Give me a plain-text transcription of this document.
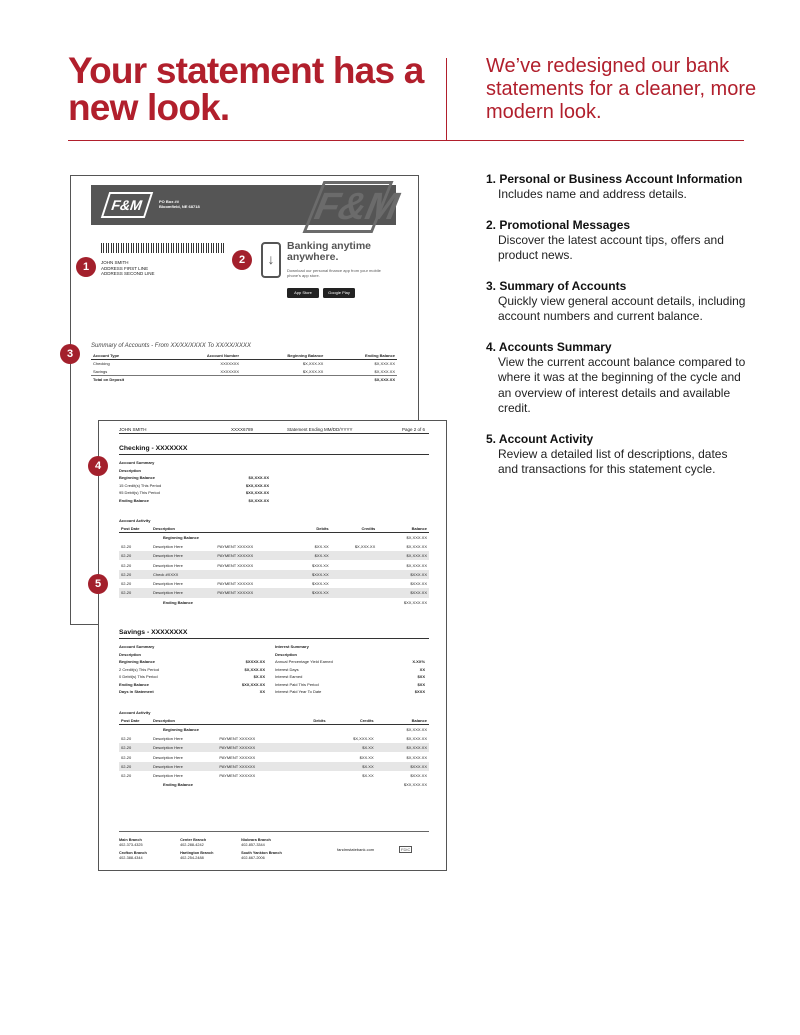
Your statement has a new look.
We’ve redesigned our bank statements for a cleaner, more modern look.
1. Personal or Business Account Information
Includes name and address details.
2. Promotional Messages
Discover the latest account tips, offers and product news.
3. Summary of Accounts
Quickly view general account details, including account numbers and current balance.
4. Accounts Summary
View the current account balance compared to where it was at the beginning of the cycle and an overview of interest details and available credit.
5. Account Activity
Review a detailed list of descriptions, dates and transactions for this statement cycle.
F&M	PO Box ##
Bloomfield, NE 68718	F&M
JOHN SMITH
ADDRESS FIRST LINE
ADDRESS SECOND LINE
↓
Banking anytime anywhere.
Download our personal finance app from your mobile phone's app store.
App Store	Google Play
Summary of Accounts - From XX/XX/XXXX To XX/XX/XXXX
Account Type	Account Number	Beginning Balance	Ending Balance
Checking	XXXXXXX	$X,XXX.XX	$X,XXX.XX
Savings	XXXXXXX	$X,XXX.XX	$X,XXX.XX
Total on Deposit			$X,XXX.XX
JOHN SMITH	XXXX6789	Statement Ending MM/DD/YYYY	Page 2 of 6
Checking - XXXXXXX
Account Summary
Description
Beginning Balance	$X,XXX.XX
15 Credit(s) This Period	$XX,XXX.XX
95 Debit(s) This Period	$XX,XXX.XX
Ending Balance	$X,XXX.XX
Account Activity
Post Date	Description		Debits	Credits	Balance
	Beginning Balance				$X,XXX.XX
02-20	Description Here	PAYMENT XXXXXX	$XX.XX	$X,XXX.XX	$X,XXX.XX
02-20	Description Here	PAYMENT XXXXXX	$XX.XX		$X,XXX.XX
02-20	Description Here	PAYMENT XXXXXX	$XXX.XX		$X,XXX.XX
02-20	Check #XXXX		$XXX.XX		$XXX.XX
02-20	Description Here	PAYMENT XXXXXX	$XXX.XX		$XXX.XX
02-20	Description Here	PAYMENT XXXXXX	$XXX.XX		$XXX.XX
	Ending Balance				$XX,XXX.XX
Savings - XXXXXXXX
Account Summary
Description
Beginning Balance	$XXXX.XX
2 Credit(s) This Period	$X,XXX.XX
0 Debit(s) This Period	$X.XX
Ending Balance	$XX,XXX.XX
Days in Statement	XX
Interest Summary
Description
Annual Percentage Yield Earned	X.XX%
Interest Days	XX
Interest Earned	$XX
Interest Paid This Period	$XX
Interest Paid Year To Date	$XXX
Account Activity
Post Date	Description		Debits	Credits	Balance
	Beginning Balance				$X,XXX.XX
02-20	Description Here	PAYMENT XXXXXX		$X,XXX.XX	$X,XXX.XX
02-20	Description Here	PAYMENT XXXXXX		$X.XX	$X,XXX.XX
02-20	Description Here	PAYMENT XXXXXX		$XX.XX	$X,XXX.XX
02-20	Description Here	PAYMENT XXXXXX		$X.XX	$XXX.XX
02-20	Description Here	PAYMENT XXXXXX		$X.XX	$XXX.XX
	Ending Balance				$XX,XXX.XX
Main Branch
402-373-4325
Center Branch
402-288-4242
Niobrara Branch
402-857-3344
Crofton Branch
402-388-4344
Hartington Branch
402-254-2488
South Yankton Branch
402-667-2006
fandmstatebank.com	FDIC
1
2
3
4
5
